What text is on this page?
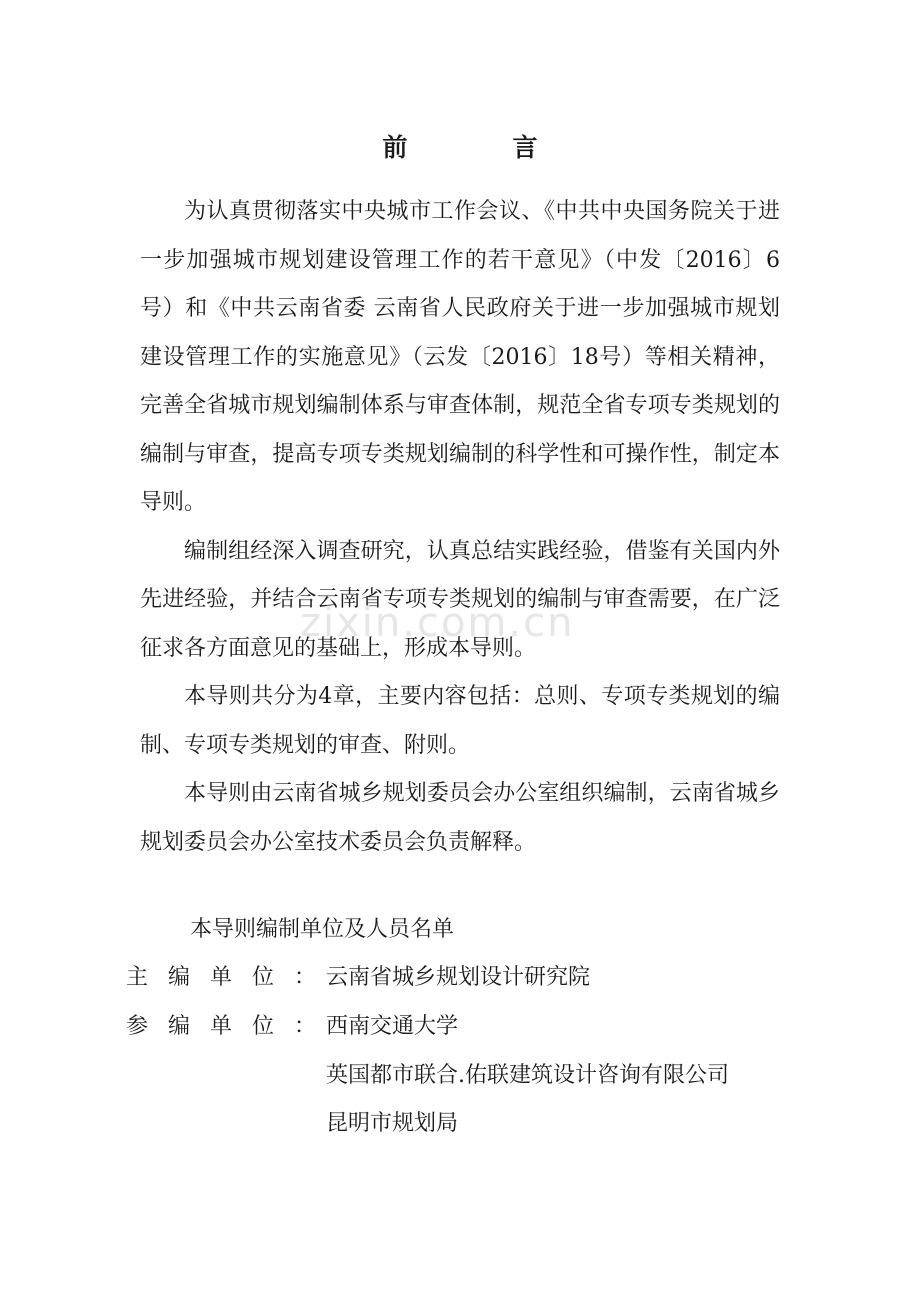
前　言

为认真贯彻落实中央城市工作会议、《中共中央国务院关于进一步加强城市规划建设管理工作的若干意见》（中发〔2016〕6号）和《中共云南省委 云南省人民政府关于进一步加强城市规划建设管理工作的实施意见》（云发〔2016〕18号）等相关精神，完善全省城市规划编制体系与审查体制，规范全省专项专类规划的编制与审查，提高专项专类规划编制的科学性和可操作性，制定本导则。

编制组经深入调查研究，认真总结实践经验，借鉴有关国内外先进经验，并结合云南省专项专类规划的编制与审查需要，在广泛征求各方面意见的基础上，形成本导则。

本导则共分为4章，主要内容包括：总则、专项专类规划的编制、专项专类规划的审查、附则。

本导则由云南省城乡规划委员会办公室组织编制，云南省城乡规划委员会办公室技术委员会负责解释。

zixin.com.cn
本导则编制单位及人员名单
主 编 单 位 ： 云南省城乡规划设计研究院
参 编 单 位 ： 西南交通大学
英国都市联合.佑联建筑设计咨询有限公司
昆明市规划局
